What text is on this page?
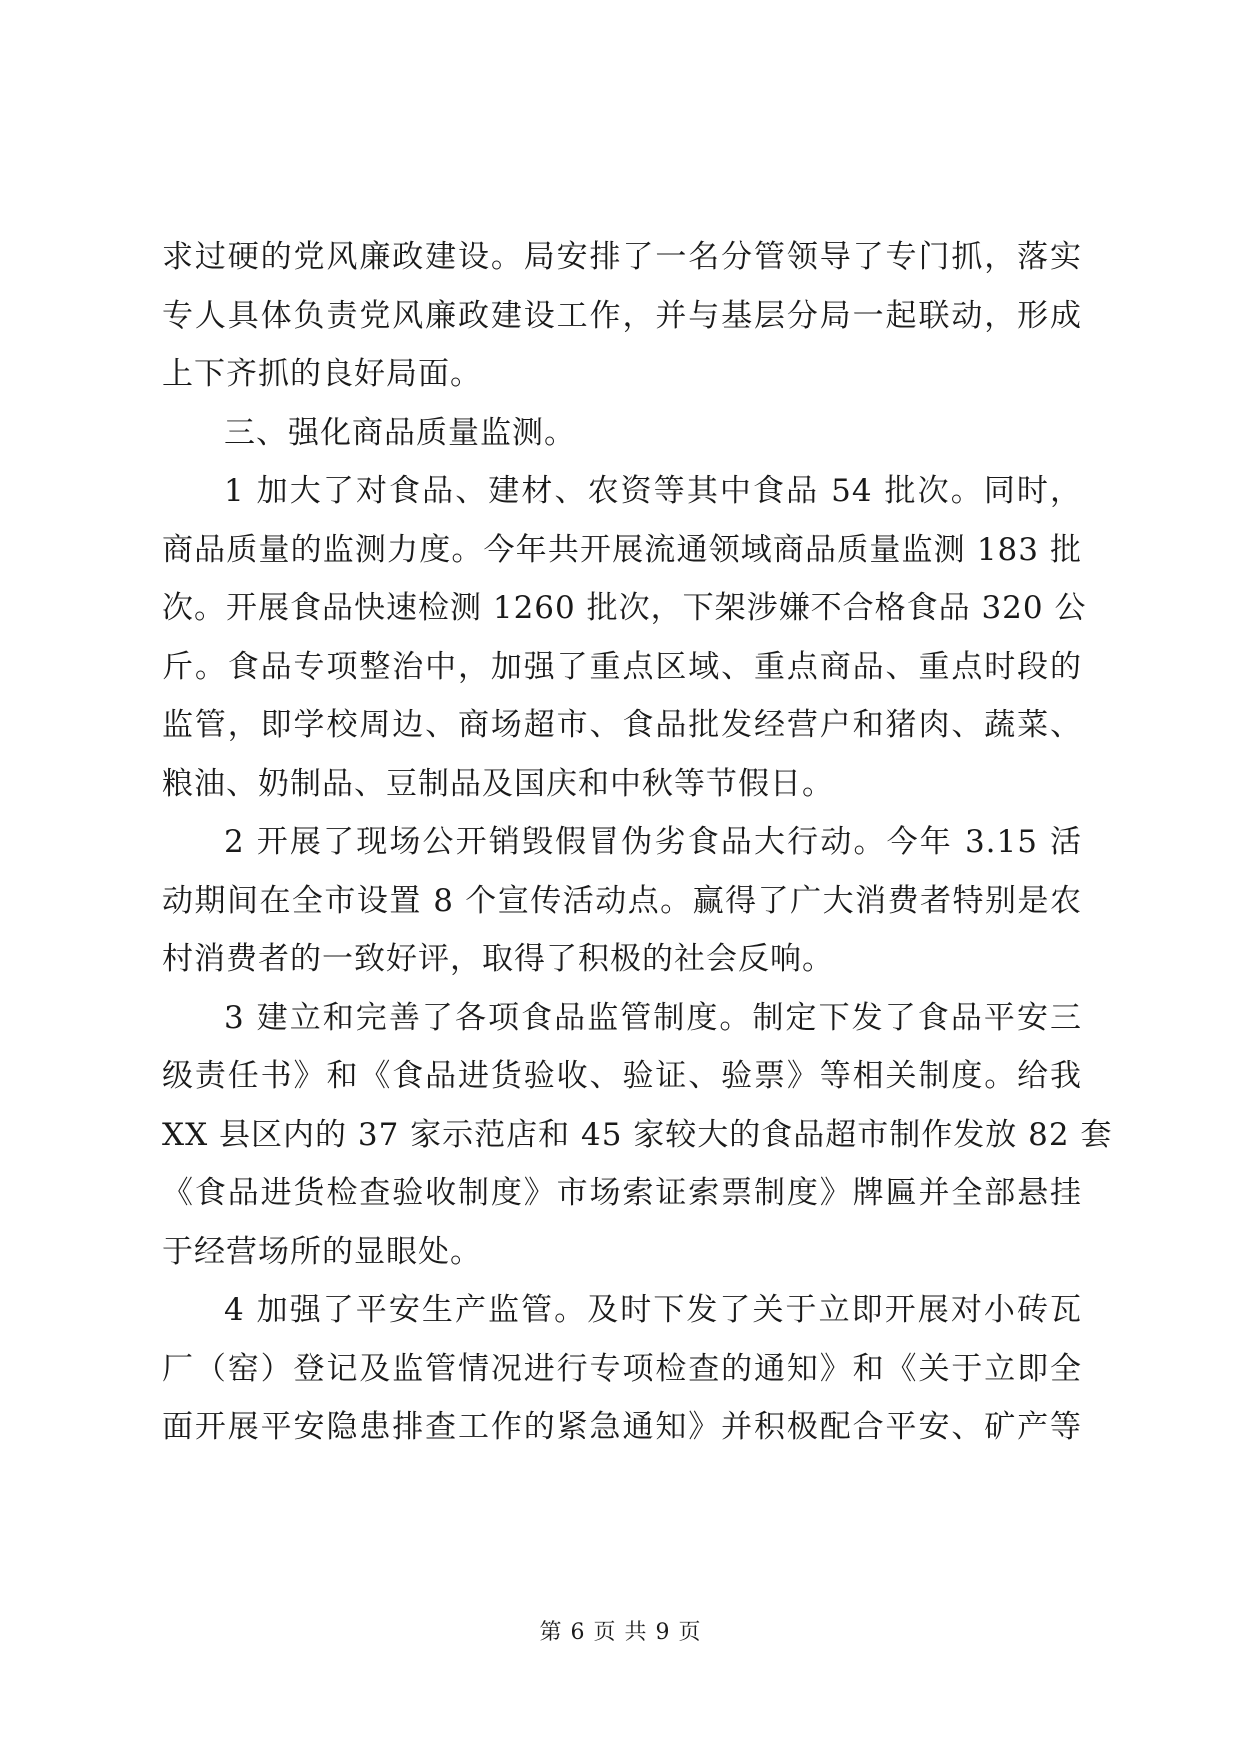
求过硬的党风廉政建设。局安排了一名分管领导了专门抓，落实
专人具体负责党风廉政建设工作，并与基层分局一起联动，形成
上下齐抓的良好局面。
三、强化商品质量监测。
1 加大了对食品、建材、农资等其中食品 54 批次。同时，
商品质量的监测力度。今年共开展流通领域商品质量监测 183 批
次。开展食品快速检测 1260 批次，下架涉嫌不合格食品 320 公
斤。食品专项整治中，加强了重点区域、重点商品、重点时段的
监管，即学校周边、商场超市、食品批发经营户和猪肉、蔬菜、
粮油、奶制品、豆制品及国庆和中秋等节假日。
2 开展了现场公开销毁假冒伪劣食品大行动。今年 3.15 活
动期间在全市设置 8 个宣传活动点。赢得了广大消费者特别是农
村消费者的一致好评，取得了积极的社会反响。
3 建立和完善了各项食品监管制度。制定下发了食品平安三
级责任书》和《食品进货验收、验证、验票》等相关制度。给我
XX 县区内的 37 家示范店和 45 家较大的食品超市制作发放 82 套
《食品进货检查验收制度》市场索证索票制度》牌匾并全部悬挂
于经营场所的显眼处。
4 加强了平安生产监管。及时下发了关于立即开展对小砖瓦
厂（窑）登记及监管情况进行专项检查的通知》和《关于立即全
面开展平安隐患排查工作的紧急通知》并积极配合平安、矿产等
第 6 页 共 9 页
